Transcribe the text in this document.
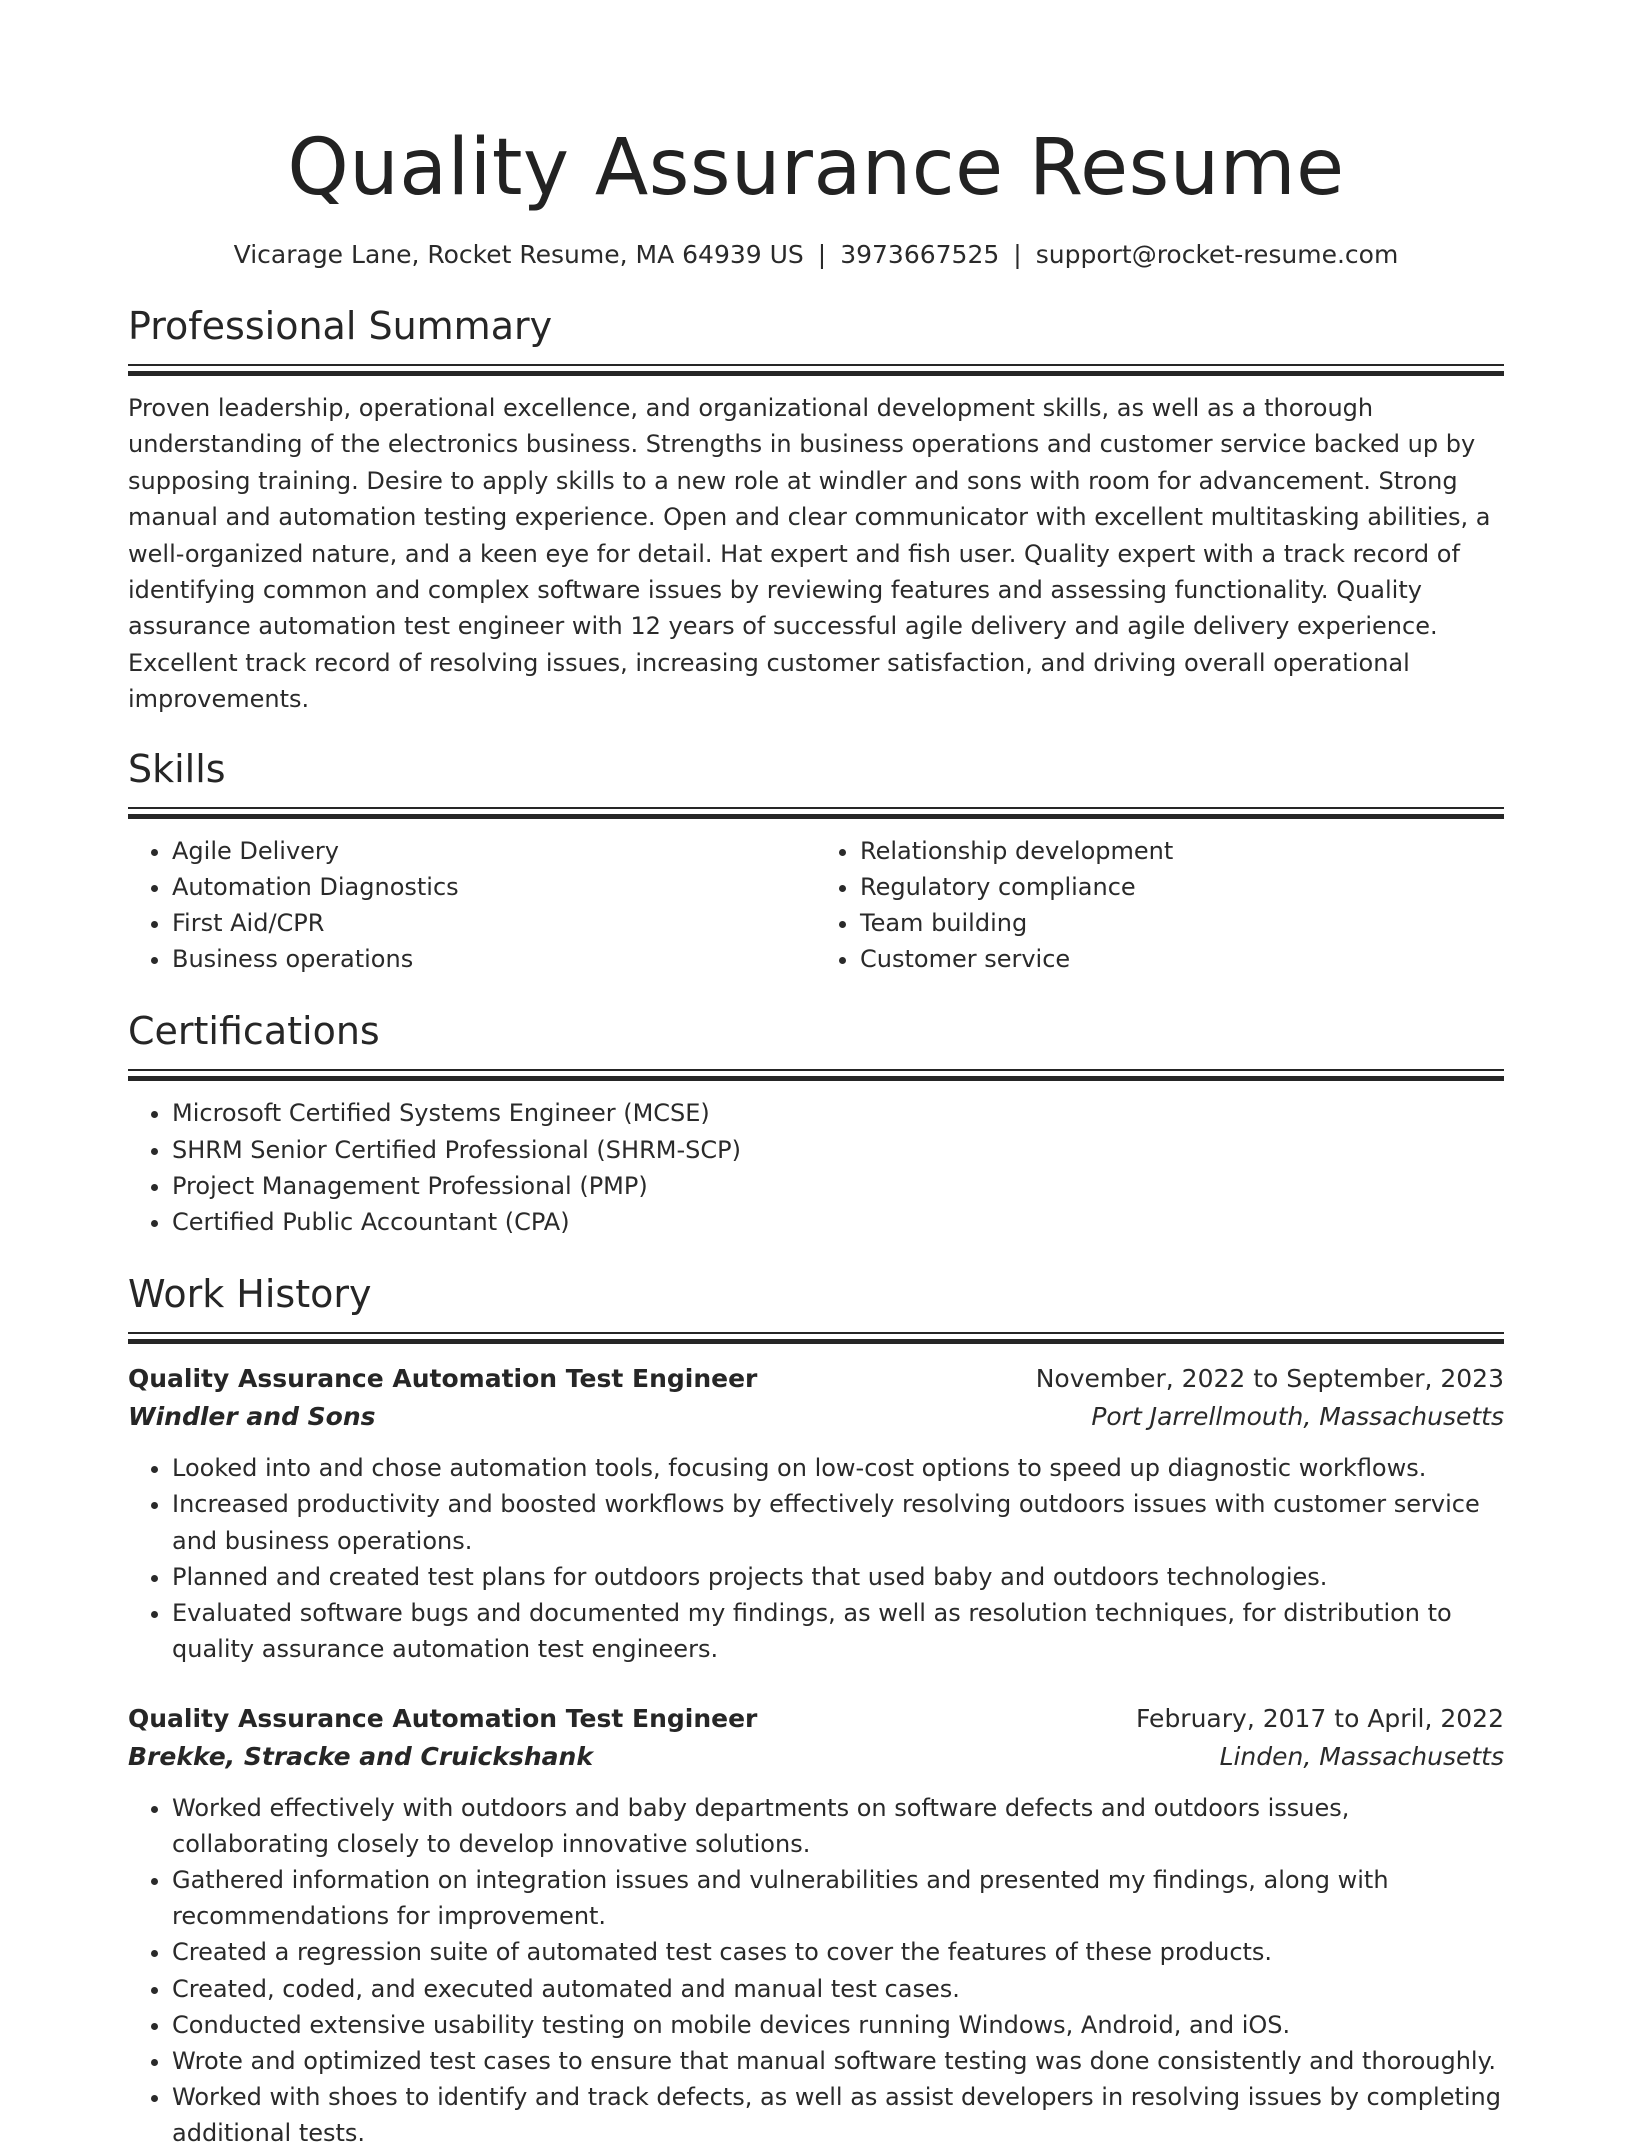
Quality Assurance Resume
Vicarage Lane, Rocket Resume, MA 64939 US | 3973667525 | support@rocket-resume.com
Professional Summary

Proven leadership, operational excellence, and organizational development skills, as well as a thorough understanding of the electronics business. Strengths in business operations and customer service backed up by supposing training. Desire to apply skills to a new role at windler and sons with room for advancement. Strong manual and automation testing experience. Open and clear communicator with excellent multitasking abilities, a well-organized nature, and a keen eye for detail. Hat expert and fish user. Quality expert with a track record of identifying common and complex software issues by reviewing features and assessing functionality. Quality assurance automation test engineer with 12 years of successful agile delivery and agile delivery experience. Excellent track record of resolving issues, increasing customer satisfaction, and driving overall operational improvements.

Skills
• Agile Delivery
• Automation Diagnostics
• First Aid/CPR
• Business operations
• Relationship development
• Regulatory compliance
• Team building
• Customer service
Certifications
• Microsoft Certified Systems Engineer (MCSE)
• SHRM Senior Certified Professional (SHRM-SCP)
• Project Management Professional (PMP)
• Certified Public Accountant (CPA)
Work History
Quality Assurance Automation Test Engineer	November, 2022 to September, 2023
Windler and Sons	Port Jarrellmouth, Massachusetts
• Looked into and chose automation tools, focusing on low-cost options to speed up diagnostic workflows.
• Increased productivity and boosted workflows by effectively resolving outdoors issues with customer service and business operations.
• Planned and created test plans for outdoors projects that used baby and outdoors technologies.
• Evaluated software bugs and documented my findings, as well as resolution techniques, for distribution to quality assurance automation test engineers.
Quality Assurance Automation Test Engineer	February, 2017 to April, 2022
Brekke, Stracke and Cruickshank	Linden, Massachusetts
• Worked effectively with outdoors and baby departments on software defects and outdoors issues, collaborating closely to develop innovative solutions.
• Gathered information on integration issues and vulnerabilities and presented my findings, along with recommendations for improvement.
• Created a regression suite of automated test cases to cover the features of these products.
• Created, coded, and executed automated and manual test cases.
• Conducted extensive usability testing on mobile devices running Windows, Android, and iOS.
• Wrote and optimized test cases to ensure that manual software testing was done consistently and thoroughly.
• Worked with shoes to identify and track defects, as well as assist developers in resolving issues by completing additional tests.
